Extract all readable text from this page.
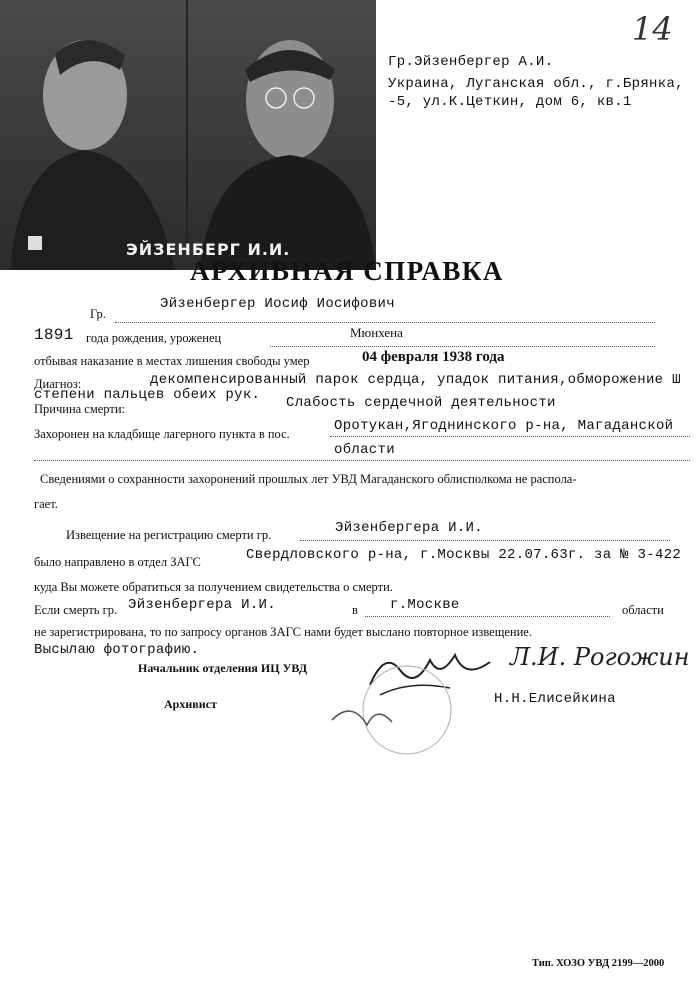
ЭЙЗЕНБЕРГ И.И.
14
Гр.Эйзенбергер А.И.
Украина, Луганская обл., г.Брянка,
-5, ул.К.Цеткин, дом 6, кв.1
АРХИВНАЯ СПРАВКА
Гр.
Эйзенбергер Иосиф Иосифович
1891 года рождения, уроженец	Мюнхена
отбывая наказание в местах лишения свободы умер	04 февраля 1938 года
Диагноз:	декомпенсированный парок сердца, упадок питания,обморожение Ш
степени пальцев обеих рук.
Причина смерти:	Слабость сердечной деятельности
Захоронен на кладбище лагерного пункта в пос.	Оротукан,Ягоднинского р-на, Магаданской
области
Сведениями о сохранности захоронений прошлых лет УВД Магаданского облисполкома не распола-
гает.
Извещение на регистрацию смерти гр.	Эйзенбергера И.И.
было направлено в отдел ЗАГС	Свердловского р-на, г.Москвы 22.07.63г. за № 3-422
куда Вы можете обратиться за получением свидетельства о смерти.
Если смерть гр. Эйзенбергера И.И.	в г.Москве	области
не зарегистрирована, то по запросу органов ЗАГС нами будет выслано повторное извещение.
Высылаю фотографию.
Начальник отделения ИЦ УВД	Л.И. Рогожин
Архивист	Н.Н.Елисейкина
Тип. ХОЗО УВД 2199—2000
